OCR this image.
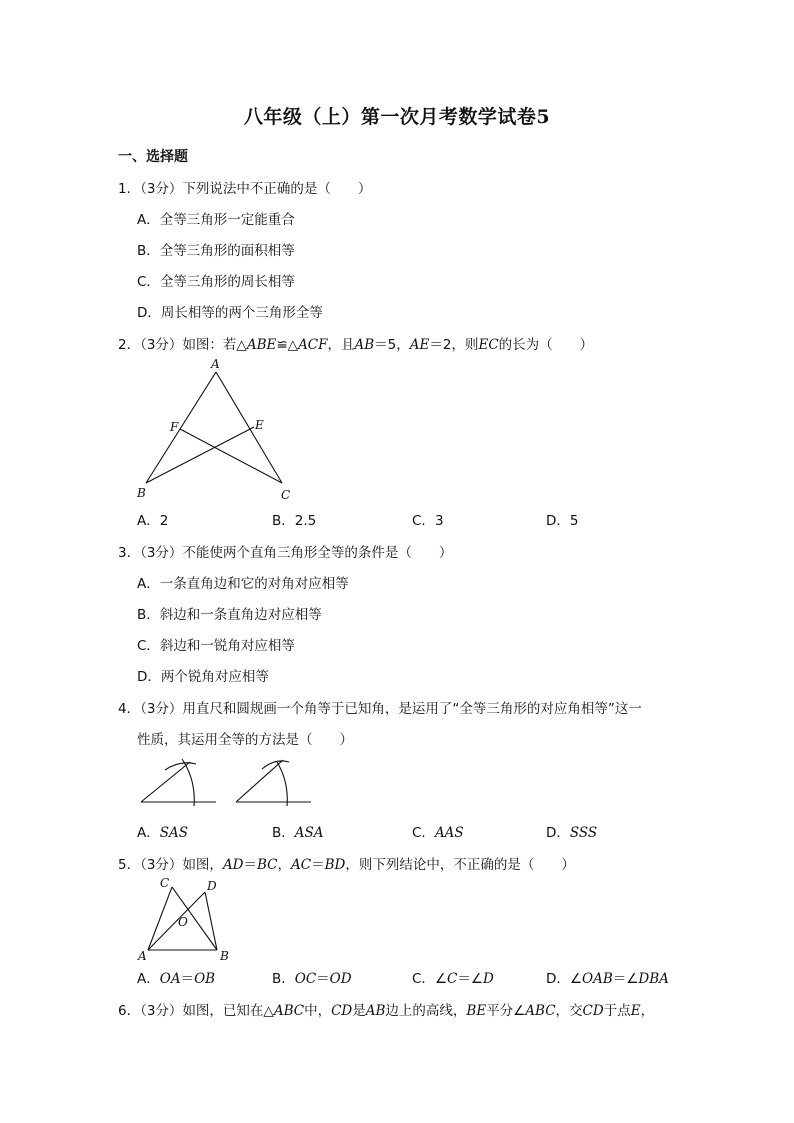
八年级（上）第一次月考数学试卷5
一、选择题
1．（3分）下列说法中不正确的是（　　）
A．全等三角形一定能重合
B．全等三角形的面积相等
C．全等三角形的周长相等
D．周长相等的两个三角形全等
2．（3分）如图：若△ABE≌△ACF，且AB＝5，AE＝2，则EC的长为（　　）
A
B	C
E
F
A．2	B．2.5	C．3	D．5
3．（3分）不能使两个直角三角形全等的条件是（　　）
A．一条直角边和它的对角对应相等
B．斜边和一条直角边对应相等
C．斜边和一锐角对应相等
D．两个锐角对应相等
4．（3分）用直尺和圆规画一个角等于已知角，是运用了“全等三角形的对应角相等”这一
性质，其运用全等的方法是（　　）
A．SAS	B．ASA	C．AAS	D．SSS
5．（3分）如图，AD＝BC，AC＝BD，则下列结论中，不正确的是（　　）
C	D
O
A	B
A．OA＝OB	B．OC＝OD	C．∠C＝∠D	D．∠OAB＝∠DBA
6．（3分）如图，已知在△ABC中，CD是AB边上的高线，BE平分∠ABC，交CD于点E，
